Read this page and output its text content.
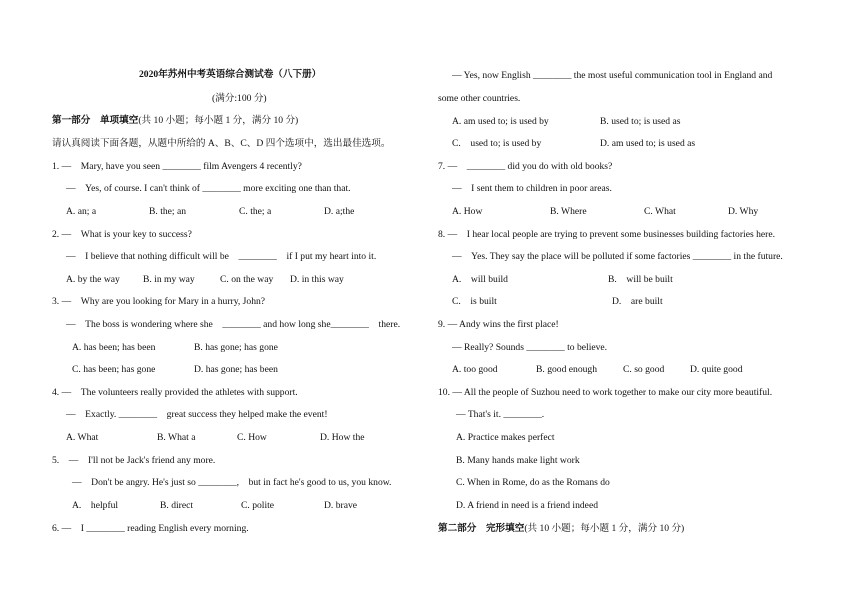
2020年苏州中考英语综合测试卷（八下册）
(满分:100 分)
第一部分　单项填空(共 10 小题；每小题 1 分，满分 10 分)
请认真阅读下面各题，从题中所给的 A、B、C、D 四个选项中，选出最佳选项。
1. —　Mary, have you seen ________ film Avengers 4 recently?
—　Yes, of course. I can't think of ________ more exciting one than that.
A. an; a	B. the; an	C. the; a	D. a;the
2. —　What is your key to success?
—　I believe that nothing difficult will be　________　if I put my heart into it.
A. by the way B. in my way	C. on the way D. in this way
3. —　Why are you looking for Mary in a hurry, John?
—　The boss is wondering where she　________ and how long she________　there.
A. has been; has been	B. has gone; has gone
C. has been; has gone	D. has gone; has been
4. —　The volunteers really provided the athletes with support.
—　Exactly. ________　great success they helped make the event!
A. What	B. What a	C. How	D. How the
5.　—　I'll not be Jack's friend any more.
—　Don't be angry. He's just so ________,　but in fact he's good to us, you know.
A.　helpful	B. direct	C. polite	D. brave
6. —　I ________ reading English every morning.
— Yes, now English ________ the most useful communication tool in England and
some other countries.
A. am used to; is used by	B. used to; is used as
C.　used to; is used by	D. am used to; is used as
7. —　________ did you do with old books?
—　I sent them to children in poor areas.
A. How	B. Where	C. What	D. Why
8. —　I hear local people are trying to prevent some businesses building factories here.
—　Yes. They say the place will be polluted if some factories ________ in the future.
A.　will build	B.　will be built
C.　is built	D.　are built
9. — Andy wins the first place!
— Really? Sounds ________ to believe.
A. too good	B. good enough	C. so good	D. quite good
10. — All the people of Suzhou need to work together to make our city more beautiful.
— That's it. ________.
A. Practice makes perfect
B. Many hands make light work
C. When in Rome, do as the Romans do
D. A friend in need is a friend indeed
第二部分　完形填空(共 10 小题；每小题 1 分，满分 10 分)
